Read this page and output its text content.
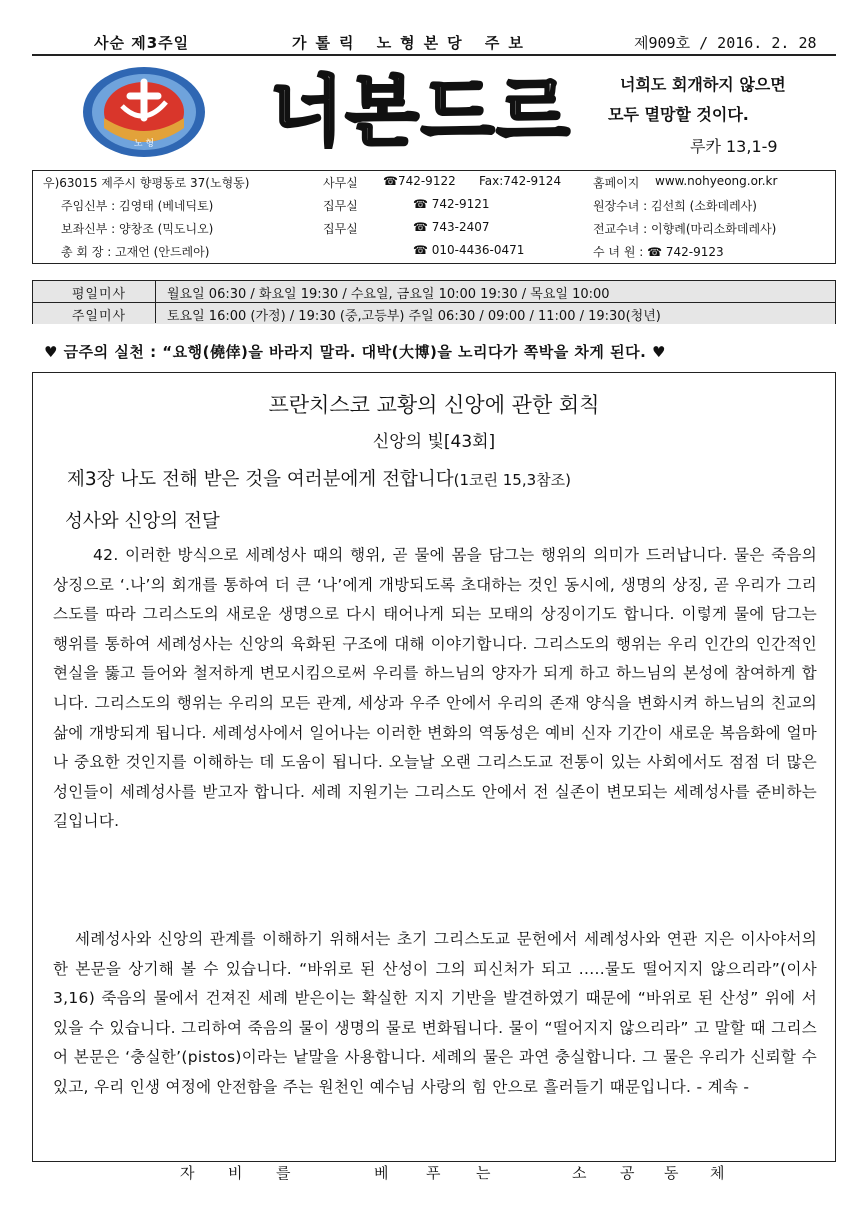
사순 제3주일	가톨릭 노형본당 주보	제909호 / 2016. 2. 28
노 형 너본드르	너희도 회개하지 않으면
모두 멸망할 것이다.
루카 13,1-9
우)63015 제주시 향평동로 37(노형동)	사무실 ☎742-9122 Fax:742-9124	홈페이지 www.nohyeong.or.kr
주임신부 : 김영태 (베네딕토)	집무실	☎ 742-9121	원장수녀 : 김선희 (소화데레사)
보좌신부 : 양창조 (믹도니오)	집무실	☎ 743-2407	전교수녀 : 이향례(마리소화데레사)
총 회 장 : 고재언 (안드레아)	☎ 010-4436-0471	수 녀 원 : ☎ 742-9123
평일미사	월요일 06:30 / 화요일 19:30 / 수요일, 금요일 10:00 19:30 / 목요일 10:00
주일미사	토요일 16:00 (가정) / 19:30 (중,고등부) 주일 06:30 / 09:00 / 11:00 / 19:30(청년)
♥ 금주의 실천 : “요행(僥倖)을 바라지 말라. 대박(大博)을 노리다가 쪽박을 차게 된다. ♥
프란치스코 교황의 신앙에 관한 회칙
신앙의 빛[43회]
제3장 나도 전해 받은 것을 여러분에게 전합니다(1코린 15,3참조)
성사와 신앙의 전달
42. 이러한 방식으로 세례성사 때의 행위, 곧 물에 몸을 담그는 행위의 의미가 드러납니다. 물은 죽음의 상징으로 ‘.나’의 회개를 통하여 더 큰 ‘나’에게 개방되도록 초대하는 것인 동시에, 생명의 상징, 곧 우리가 그리스도를 따라 그리스도의 새로운 생명으로 다시 태어나게 되는 모태의 상징이기도 합니다. 이렇게 물에 담그는 행위를 통하여 세례성사는 신앙의 육화된 구조에 대해 이야기합니다. 그리스도의 행위는 우리 인간의 인간적인 현실을 뚫고 들어와 철저하게 변모시킴으로써 우리를 하느님의 양자가 되게 하고 하느님의 본성에 참여하게 합니다. 그리스도의 행위는 우리의 모든 관계, 세상과 우주 안에서 우리의 존재 양식을 변화시켜 하느님의 친교의 삶에 개방되게 됩니다. 세례성사에서 일어나는 이러한 변화의 역동성은 예비 신자 기간이 새로운 복음화에 얼마나 중요한 것인지를 이해하는 데 도움이 됩니다. 오늘날 오랜 그리스도교 전통이 있는 사회에서도 점점 더 많은 성인들이 세례성사를 받고자 합니다. 세례 지원기는 그리스도 안에서 전 실존이 변모되는 세례성사를 준비하는 길입니다.
세례성사와 신앙의 관계를 이해하기 위해서는 초기 그리스도교 문헌에서 세례성사와 연관 지은 이사야서의 한 본문을 상기해 볼 수 있습니다. “바위로 된 산성이 그의 피신처가 되고 .....물도 떨어지지 않으리라”(이사 3,16) 죽음의 물에서 건져진 세례 받은이는 확실한 지지 기반을 발견하였기 때문에 “바위로 된 산성” 위에 서 있을 수 있습니다. 그리하여 죽음의 물이 생명의 물로 변화됩니다. 물이 “떨어지지 않으리라” 고 말할 때 그리스어 본문은 ‘충실한’(pistos)이라는 낱말을 사용합니다. 세례의 물은 과연 충실합니다. 그 물은 우리가 신뢰할 수 있고, 우리 인생 여정에 안전함을 주는 원천인 예수님 사랑의 힘 안으로 흘러들기 때문입니다. - 계속 -
자 비 를	베	푸 는	소 공 동 체
